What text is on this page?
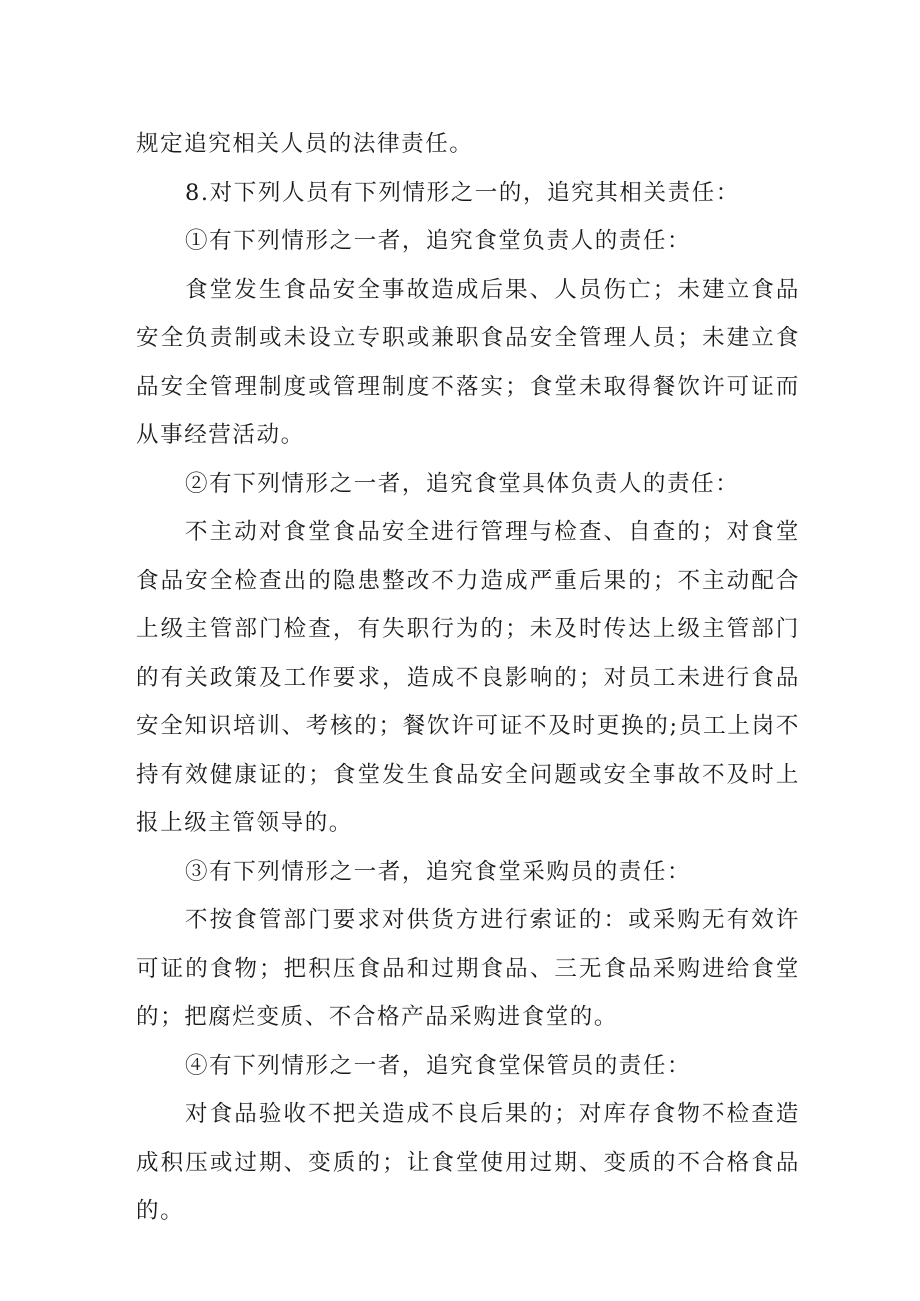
规定追究相关人员的法律责任。

8.对下列人员有下列情形之一的，追究其相关责任：

①有下列情形之一者，追究食堂负责人的责任：

食堂发生食品安全事故造成后果、人员伤亡；未建立食品安全负责制或未设立专职或兼职食品安全管理人员；未建立食品安全管理制度或管理制度不落实；食堂未取得餐饮许可证而从事经营活动。

②有下列情形之一者，追究食堂具体负责人的责任：

不主动对食堂食品安全进行管理与检查、自查的；对食堂食品安全检查出的隐患整改不力造成严重后果的；不主动配合上级主管部门检查，有失职行为的；未及时传达上级主管部门的有关政策及工作要求，造成不良影响的；对员工未进行食品安全知识培训、考核的；餐饮许可证不及时更换的;员工上岗不持有效健康证的；食堂发生食品安全问题或安全事故不及时上报上级主管领导的。

③有下列情形之一者，追究食堂采购员的责任：

不按食管部门要求对供货方进行索证的：或采购无有效许可证的食物；把积压食品和过期食品、三无食品采购进给食堂的；把腐烂变质、不合格产品采购进食堂的。

④有下列情形之一者，追究食堂保管员的责任：

对食品验收不把关造成不良后果的；对库存食物不检查造成积压或过期、变质的；让食堂使用过期、变质的不合格食品的。
